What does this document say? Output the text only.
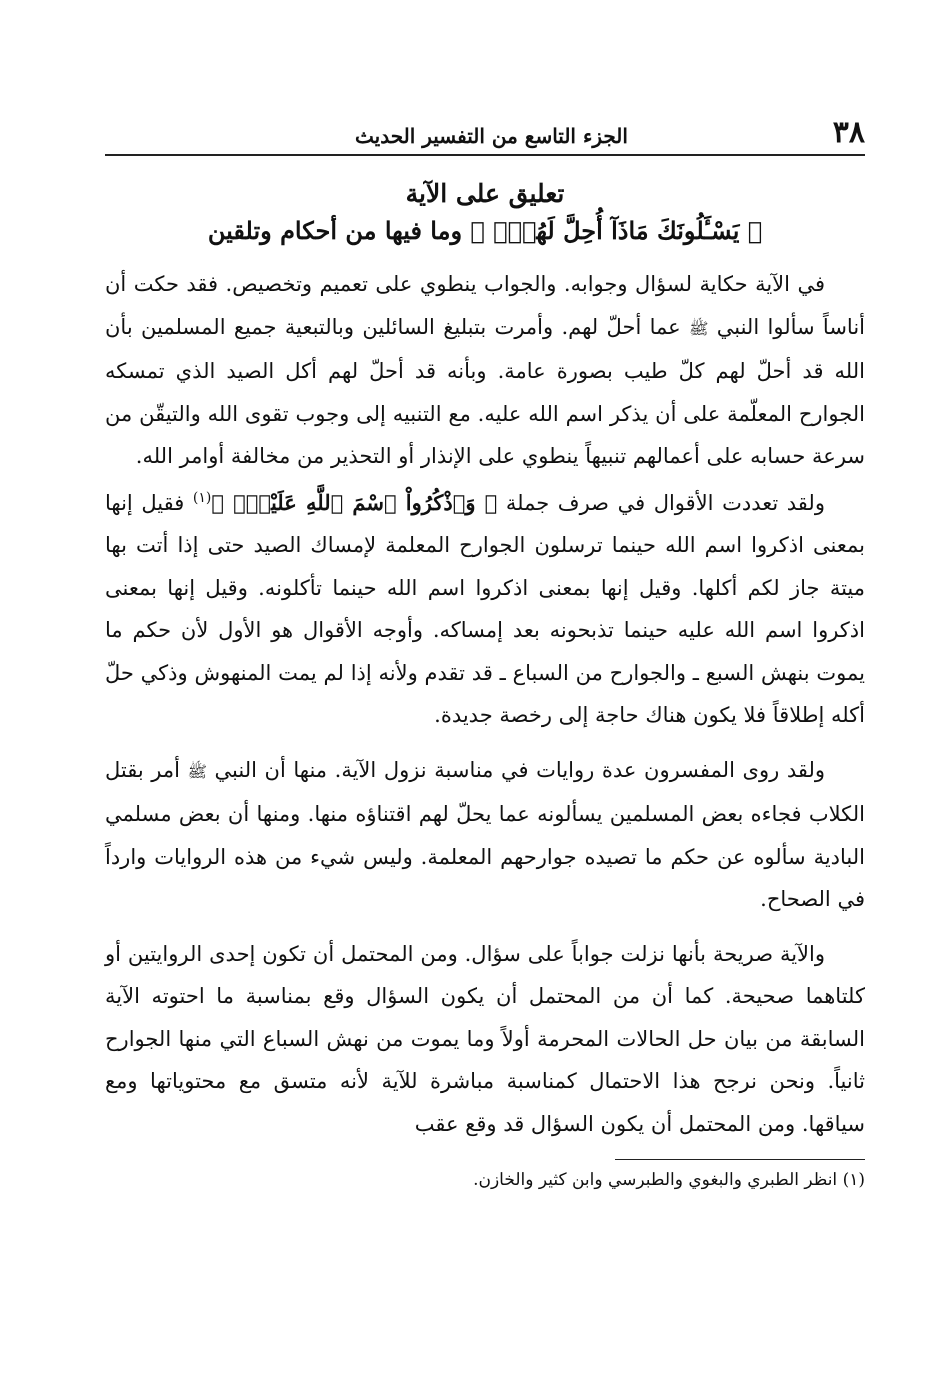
٣٨
الجزء التاسع من التفسير الحديث
تعليق على الآية
﴿ يَسْـَٔلُونَكَ مَاذَآ أُحِلَّ لَهُمْۖ ﴾ وما فيها من أحكام وتلقين

في الآية حكاية لسؤال وجوابه. والجواب ينطوي على تعميم وتخصيص. فقد حكت أن أناساً سألوا النبي ﷺ عما أحلّ لهم. وأمرت بتبليغ السائلين وبالتبعية جميع المسلمين بأن الله قد أحلّ لهم كلّ طيب بصورة عامة. وبأنه قد أحلّ لهم أكل الصيد الذي تمسكه الجوارح المعلّمة على أن يذكر اسم الله عليه. مع التنبيه إلى وجوب تقوى الله والتيقّن من سرعة حسابه على أعمالهم تنبيهاً ينطوي على الإنذار أو التحذير من مخالفة أوامر الله.

ولقد تعددت الأقوال في صرف جملة ﴿ وَٱذْكُرُواْ ٱسْمَ ٱللَّهِ عَلَيْهِۖ ﴾$^{(١)}$ فقيل إنها بمعنى اذكروا اسم الله حينما ترسلون الجوارح المعلمة لإمساك الصيد حتى إذا أتت بها ميتة جاز لكم أكلها. وقيل إنها بمعنى اذكروا اسم الله حينما تأكلونه. وقيل إنها بمعنى اذكروا اسم الله عليه حينما تذبحونه بعد إمساكه. وأوجه الأقوال هو الأول لأن حكم ما يموت بنهش السبع ـ والجوارح من السباع ـ قد تقدم ولأنه إذا لم يمت المنهوش وذكي حلّ أكله إطلاقاً فلا يكون هناك حاجة إلى رخصة جديدة.

ولقد روى المفسرون عدة روايات في مناسبة نزول الآية. منها أن النبي ﷺ أمر بقتل الكلاب فجاءه بعض المسلمين يسألونه عما يحلّ لهم اقتناؤه منها. ومنها أن بعض مسلمي البادية سألوه عن حكم ما تصيده جوارحهم المعلمة. وليس شيء من هذه الروايات وارداً في الصحاح.

والآية صريحة بأنها نزلت جواباً على سؤال. ومن المحتمل أن تكون إحدى الروايتين أو كلتاهما صحيحة. كما أن من المحتمل أن يكون السؤال وقع بمناسبة ما احتوته الآية السابقة من بيان حل الحالات المحرمة أولاً وما يموت من نهش السباع التي منها الجوارح ثانياً. ونحن نرجح هذا الاحتمال كمناسبة مباشرة للآية لأنه متسق مع محتوياتها ومع سياقها. ومن المحتمل أن يكون السؤال قد وقع عقب

(١) انظر الطبري والبغوي والطبرسي وابن كثير والخازن.
